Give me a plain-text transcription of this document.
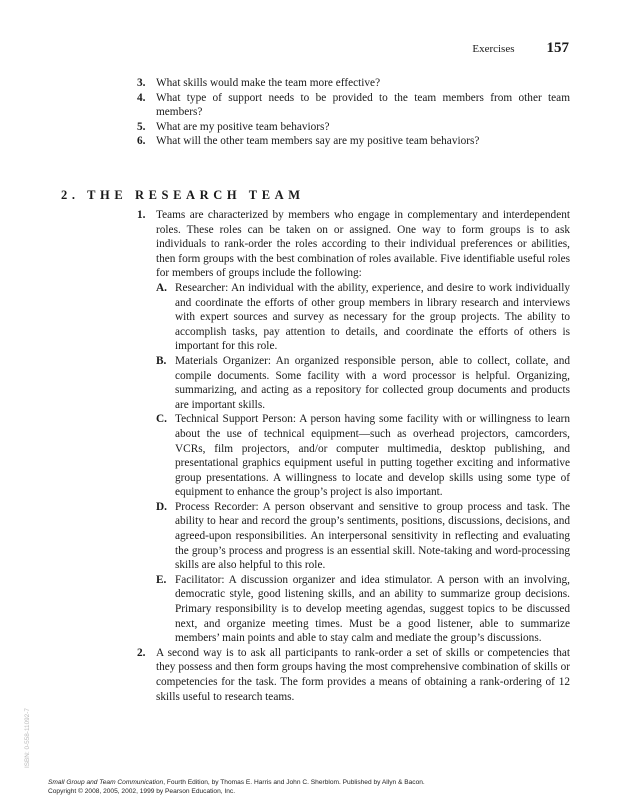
Exercises 157
3. What skills would make the team more effective?
4. What type of support needs to be provided to the team members from other team members?
5. What are my positive team behaviors?
6. What will the other team members say are my positive team behaviors?
2. THE RESEARCH TEAM
1. Teams are characterized by members who engage in complementary and interdependent roles. These roles can be taken on or assigned. One way to form groups is to ask individuals to rank-order the roles according to their individual preferences or abilities, then form groups with the best combination of roles available. Five identifiable useful roles for members of groups include the following:
A. Researcher: An individual with the ability, experience, and desire to work individually and coordinate the efforts of other group members in library research and interviews with expert sources and survey as necessary for the group projects. The ability to accomplish tasks, pay attention to details, and coordinate the efforts of others is important for this role.
B. Materials Organizer: An organized responsible person, able to collect, collate, and compile documents. Some facility with a word processor is helpful. Organizing, summarizing, and acting as a repository for collected group documents and products are important skills.
C. Technical Support Person: A person having some facility with or willingness to learn about the use of technical equipment—such as overhead projectors, camcorders, VCRs, film projectors, and/or computer multimedia, desktop publishing, and presentational graphics equipment useful in putting together exciting and informative group presentations. A willingness to locate and develop skills using some type of equipment to enhance the group’s project is also important.
D. Process Recorder: A person observant and sensitive to group process and task. The ability to hear and record the group’s sentiments, positions, discussions, decisions, and agreed-upon responsibilities. An interpersonal sensitivity in reflecting and evaluating the group’s process and progress is an essential skill. Note-taking and word-processing skills are also helpful to this role.
E. Facilitator: A discussion organizer and idea stimulator. A person with an involving, democratic style, good listening skills, and an ability to summarize group decisions. Primary responsibility is to develop meeting agendas, suggest topics to be discussed next, and organize meeting times. Must be a good listener, able to summarize members’ main points and able to stay calm and mediate the group’s discussions.
2. A second way is to ask all participants to rank-order a set of skills or competencies that they possess and then form groups having the most comprehensive combination of skills or competencies for the task. The form provides a means of obtaining a rank-ordering of 12 skills useful to research teams.
ISBN: 0-558-11092-7
Small Group and Team Communication, Fourth Edition, by Thomas E. Harris and John C. Sherblom. Published by Allyn & Bacon.
Copyright © 2008, 2005, 2002, 1999 by Pearson Education, Inc.
